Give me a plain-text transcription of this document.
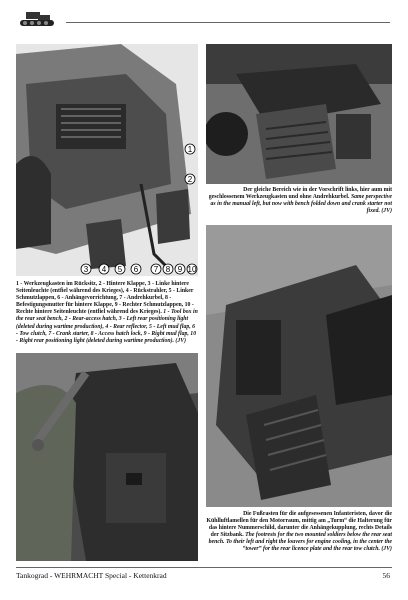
3 4 5 6 7 8 9 10
1
2
1 - Werkzeugkasten im Rücksitz, 2 - Hintere Klappe, 3 - Linke hintere Seitenleuchte (entfiel während des Krieges), 4 - Rückstrahler, 5 - Linker Schmutzlappen, 6 - Anhängevorrichtung, 7 - Andrehkurbel, 8 - Befestigungsmutter für hintere Klappe, 9 - Rechter Schmutzlappen, 10 - Rechte hintere Seitenleuchte (entfiel während des Krieges). 1 - Tool box in the rear seat bench, 2 - Rear-access hatch, 3 - Left rear positioning light (deleted during wartime production), 4 - Rear reflector, 5 - Left mud flap, 6 - Tow clutch, 7 - Crank starter, 8 - Access hatch lock, 9 - Right mud flap, 10 - Right rear positioning light (deleted during wartime production). (JV)
Der gleiche Bereich wie in der Vorschrift links, hier aum mit geschlossenem Werkzeugkasten und ohne Andrehkurbel. Same perspective as in the manual left, but now with bench folded down and crank starter not fixed. (JV)
Die Fußrasten für die aufgesessenen Infanteristen, davor die Kühlluftlamellen für den Motorraum, mittig am „Turm“ die Halterung für das hintere Nummerschild, darunter die Anhängekupplung, rechts Details der Sitzbank. The footrests for the two mounted soldiers below the rear seat bench. To their left and right the louvers for engine cooling, in the center the “tower” for the rear licence plate and the rear tow clutch. (JV)
Tankograd - WEHRMACHT Special - Kettenkrad	56
